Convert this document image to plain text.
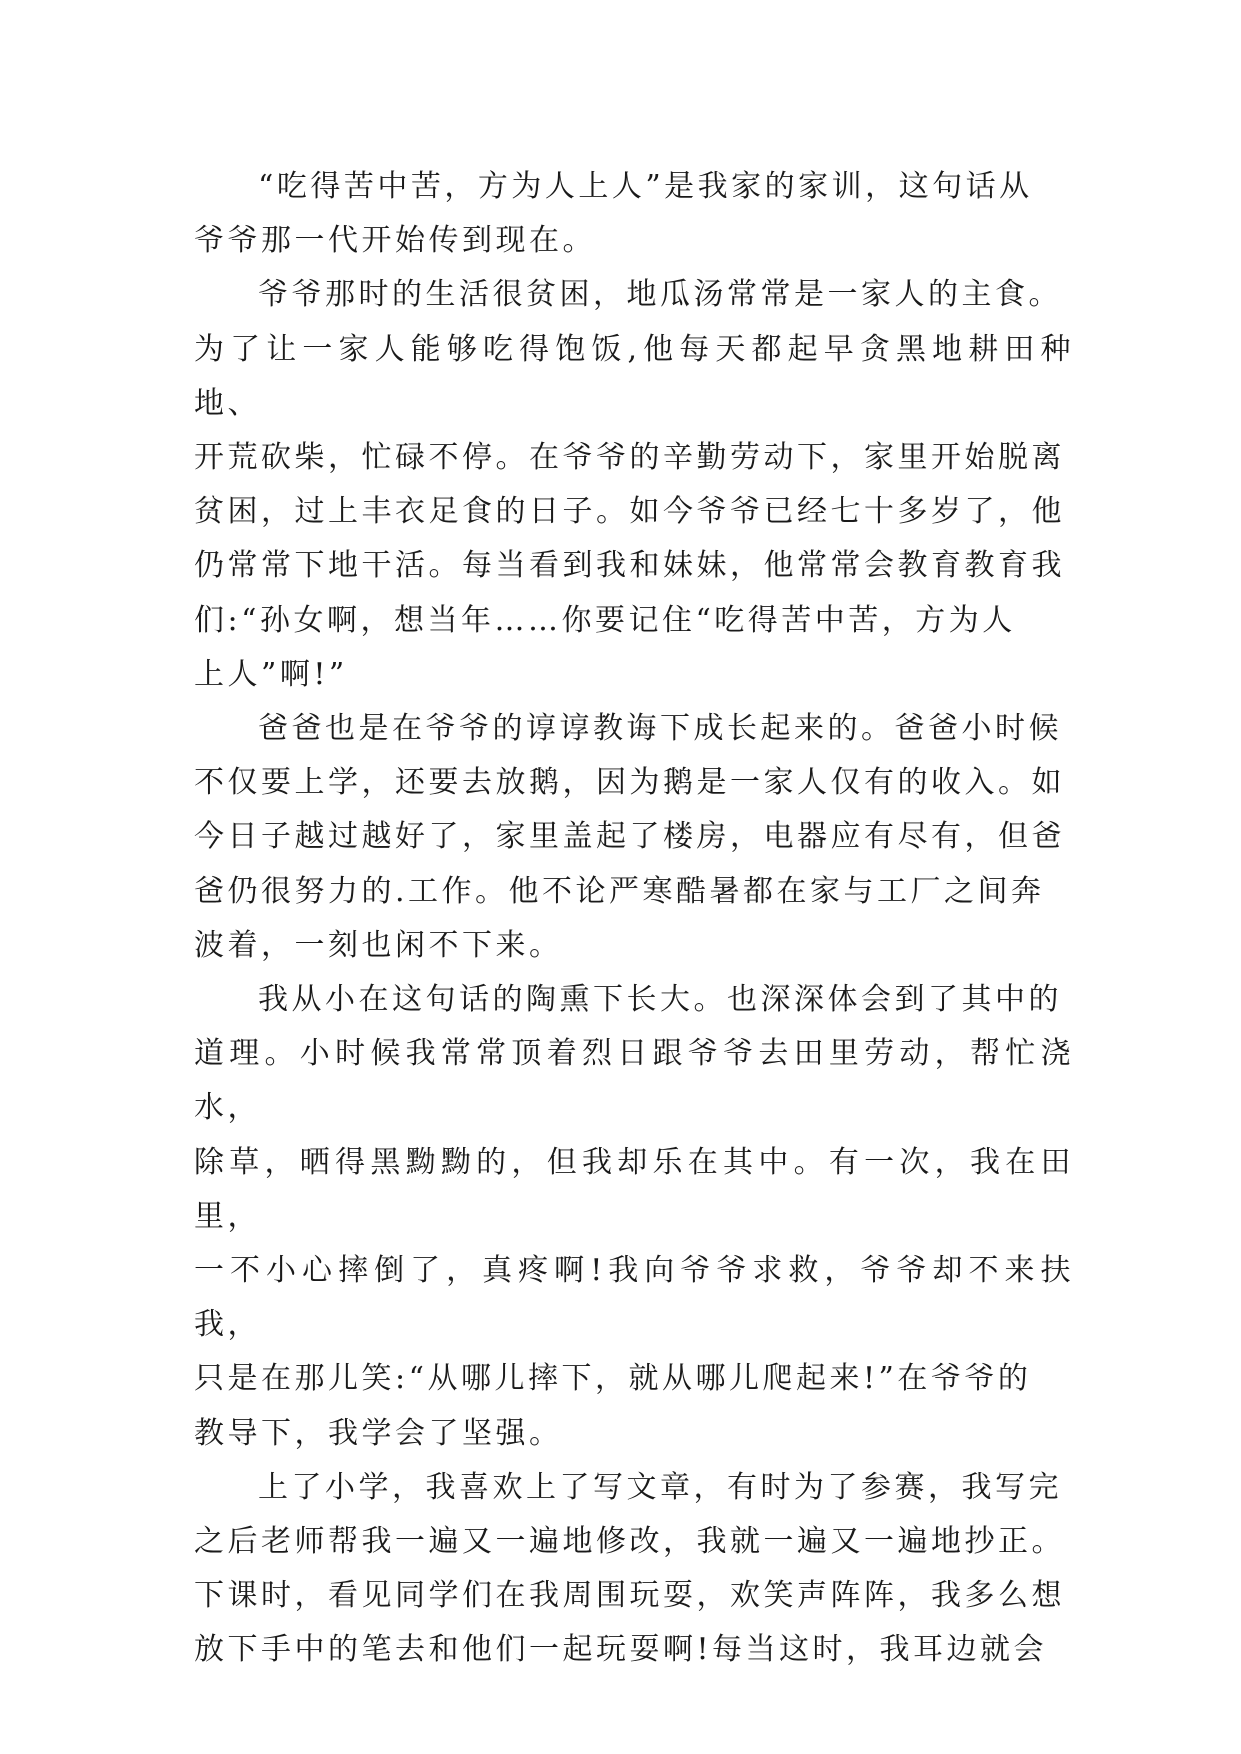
“吃得苦中苦，方为人上人”是我家的家训，这句话从
爷爷那一代开始传到现在。

爷爷那时的生活很贫困，地瓜汤常常是一家人的主食。
为了让一家人能够吃得饱饭,他每天都起早贪黑地耕田种地、
开荒砍柴，忙碌不停。在爷爷的辛勤劳动下，家里开始脱离
贫困，过上丰衣足食的日子。如今爷爷已经七十多岁了，他
仍常常下地干活。每当看到我和妹妹，他常常会教育教育我
们:“孙女啊，想当年……你要记住“吃得苦中苦，方为人
上人”啊!”

爸爸也是在爷爷的谆谆教诲下成长起来的。爸爸小时候
不仅要上学，还要去放鹅，因为鹅是一家人仅有的收入。如
今日子越过越好了，家里盖起了楼房，电器应有尽有，但爸
爸仍很努力的.工作。他不论严寒酷暑都在家与工厂之间奔
波着，一刻也闲不下来。

我从小在这句话的陶熏下长大。也深深体会到了其中的
道理。小时候我常常顶着烈日跟爷爷去田里劳动，帮忙浇水，
除草，晒得黑黝黝的，但我却乐在其中。有一次，我在田里，
一不小心摔倒了，真疼啊!我向爷爷求救，爷爷却不来扶我，
只是在那儿笑:“从哪儿摔下，就从哪儿爬起来!”在爷爷的
教导下，我学会了坚强。

上了小学，我喜欢上了写文章，有时为了参赛，我写完
之后老师帮我一遍又一遍地修改，我就一遍又一遍地抄正。
下课时，看见同学们在我周围玩耍，欢笑声阵阵，我多么想
放下手中的笔去和他们一起玩耍啊!每当这时，我耳边就会
